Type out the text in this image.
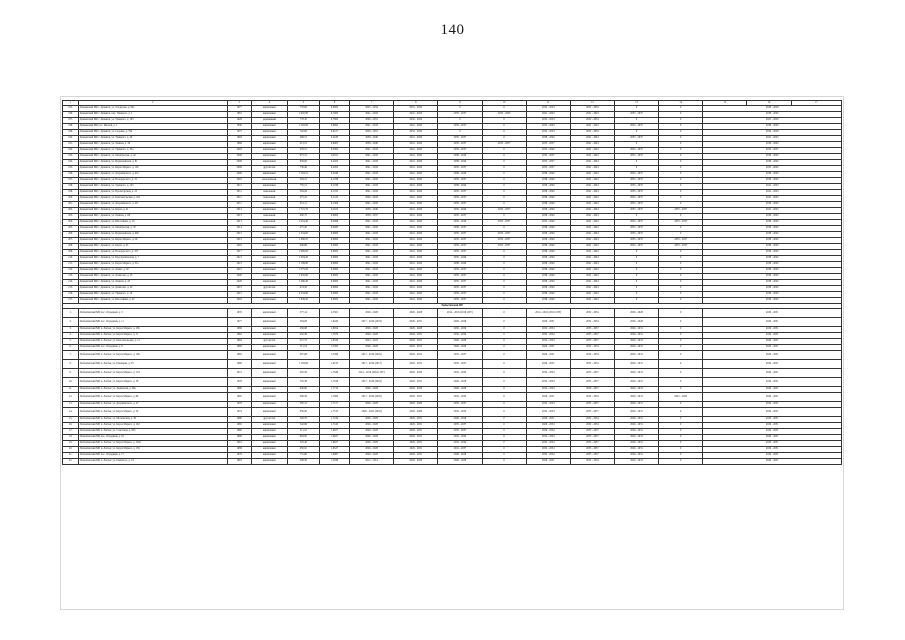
140
1	2	3	4	5	6	7	8	9	10	11	12	13	14	15	16	17
185.	Демьянский МР, г. Демянск, ул. Усадьбова, д. 66а	1977	кирпичный	776,00	0,9000	2025 - 2034	2031 - 2034	0	0	2032 - 2034	2032 - 2034	0	0	2028 - 2028		
186.	Демьянский МР, г. Демянск, пер. Урицкого, д. 1	1981	кирпичный	1 907,00	0,7000	2041 - 2043	2041 - 2043	2035 - 2037	2035 - 2043	2041 - 2043	2041 - 2043	2035 - 2037	0	2038 - 2040		
187.	Демьянский МР, г. Демянск, ул. Урицкого, д. 165	1928	деревянный	778,10	0,7800	2029 - 2031	2032 - 2034	0	0	2032 - 2034	2032 - 2034	0	0	2025 - 2028		
188.	Демьянский МР, пос. Ямской, д. 1	1930	кирпичный	1 293,09	0,9694	2041 - 2043	2041 - 2043	2035 - 2037	0	2035 - 2043	2041 - 2043	2035 - 2037	0	2038 - 2040		
189.	Демьянский МР, г. Демянск, ул. Садовая, д. 79в	1975	кирпичный	742,00	0,9417	2029 - 2031	2032 - 2034	0	0	2032 - 2034	2032 - 2034	0	0	2026 - 2028		
190.	Демьянский МР, г. Демянск, ул. Урицкого, д. 29	1994	кирпичный	496,51	0,4180	2038 - 2040	2041 - 2043	2035 - 2037	0	2038 - 2040	2041 - 2043	2035 - 2037	0	2041 - 2043		
191.	Демьянский МР, г. Демянск, ул. Ленина, д. 36	1968	кирпичный	413,51	0,6467	2038 - 2040	2041 - 2043	2035 - 2037	2035 - 2037	2035 - 2037	2041 - 2043	0	0	2038 - 2040		
192.	Демьянский МР, г. Демянск, ул. Урицкого, д. 35а	2003	кирпичный	478,51	0,3362	2041 - 2043	2041 - 2043	2035 - 2037	0	2035 - 2040	2041 - 2043	2035 - 2037	0	2035 - 2037		
193.	Демьянский МР, г. Демянск, ул. Октябрьская, д. 42	2008	кирпичный	975,51	0,2811	2041 - 2043	2041 - 2043	2038 - 2040	0	2035 - 2037	2041 - 2043	2035 - 2037	0	2038 - 2040		
194.	Демьянский МР, г. Демянск, ул. Первомайская, д. 61	2009	кирпичный	658,00	0,2202	2041 - 2043	2041 - 2043	2038 - 2040	0	2035 - 2037	2041 - 2043	0	0	2038 - 2040		
195.	Демьянский МР, г. Демянск, ул. Карла Маркса, д. 10б	2009	другой тип	756,40	0,2202	2041 - 2043	2041 - 2043	2035 - 2037	0	2035 - 2037	2041 - 2043	0	0	2035 - 2040		
196.	Демьянский МР, г. Демянск, ул. Дзержинского, д. 41а	2009	кирпичный	1 543,21	0,2048	2041 - 2043	2041 - 2043	2038 - 2040	0	2038 - 2040	2041 - 2043	2035 - 2037	0	2038 - 2040		
197.	Демьянский МР, г. Демянск, ул. Володарского, д. 15	2010	монолитный	504,21	0,1038	2041 - 2043	2041 - 2043	2035 - 2037	0	2038 - 2040	2041 - 2043	2035 - 2037	0	2038 - 2040		
198.	Демьянский МР, г. Демянск, ул. Урицкого, д. 125	2011	кирпичный	735,51	0,1036	2041 - 2043	2041 - 2043	2038 - 2040	0	2038 - 2040	2041 - 2043	2035 - 2037	0	2041 - 2043		
199.	Демьянский МР, г. Демянск, ул. Пролетарская, д. 25	2011	панельный	594,29	0,1331	2041 - 2043	2041 - 2043	2035 - 2037	0	2038 - 2040	2041 - 2043	2035 - 2037	0	2041 - 2043		
200.	Демьянский МР, г. Демянск, ул. Комсомольская, д. 45а	2011	панельный	475,41	0,1313	2040 - 2043	2041 - 2043	2035 - 2037	0	2038 - 2040	2041 - 2043	2035 - 2037	0	2041 - 2043		
201.	Демьянский МР, г. Демянск, ул. Дзержинского, д. 48	2011	кирпичный	431,11	0,1306	2041 - 2043	2041 - 2043	2035 - 2037	0	2038 - 2040	2041 - 2043	2035 - 2037	0	2038 - 2040		
202.	Демьянский МР, г. Демянск, ул. Карла, д. 41	2012	кирпичный	1 721,70	0,1163	2039 - 2040	2041 - 2043	2035 - 2040	2035 - 2037	2038 - 2040	2041 - 2043	2035 - 2037	2035 - 2037	2041 - 2043		
203.	Демьянский МР, г. Демянск, ул. Ленина, д. 68	2013	панельный	400,75	0,0962	2038 - 2037	2041 - 2043	2035 - 2037	0	2038 - 2040	2041 - 2043	0	0	2038 - 2040		
204.	Демьянский МР, г. Демянск, ул. Шоссейная, д. 16	2013	панельный	1 054,40	0,0498	2041 - 2043	2041 - 2043	2035 - 2040	2035 - 2037	2035 - 2040	2041 - 2043	2035 - 2037	2035 - 2037	2038 - 2040		
205.	Демьянский МР, г. Демянск, ул. Октябрьская, д. 35	2014	кирпичный	475,20	0,0483	2041 - 2043	2041 - 2043	2038 - 2037	0	2038 - 2040	2041 - 2043	2035 - 2037	0	2038 - 2040		
206.	Демьянский МР, г. Демянск, ул. Первомайская, д. 46б	2015	кирпичный	1 334,00	0,0000	2041 - 2043	2041 - 2043	2035 - 2037	2035 - 2037	2038 - 2040	2041 - 2043	2035 - 2037	0	2038 - 2040		
207.	Демьянский МР, г. Демянск, ул. Карла Маркса, д. 29	2015	кирпичный	1 090,05	0,0000	2041 - 2043	2041 - 2043	2035 - 2037	2035 - 2037	2038 - 2040	2041 - 2043	2035 - 2037	2035 - 2037	2038 - 2040		
208.	Демьянский МР, г. Демянск, ул. Карла, д. 45	2016	кирпичный	946,89	0,0000	2041 - 2043	2041 - 2043	2035 - 2037	2035 - 2037	2038 - 2040	2041 - 2043	2035 - 2037	2035 - 2037	2038 - 2040		
209.	Демьянский МР, г. Демянск, ул. Володарского, д. 107	2017	кирпичный	1 985,00	0,0000	2041 - 2043	2041 - 2043	2035 - 2037	0	2038 - 2040	2041 - 2043	0	0	2038 - 2040		
210.	Демьянский МР, г. Демянск, ул. Преображенская, д. 7	2021	кирпичный	1 004,20	0,0000	2041 - 2043	2041 - 2043	2035 - 2040	0	2038 - 2040	2041 - 2043	0	0	2038 - 2040		
211.	Демьянский МР, г. Демянск, ул. Карла Маркса, д. 31а	2021	кирпичный	1 199,60	0,0000	2041 - 2043	2041 - 2043	2038 - 2040	0	2038 - 2040	2041 - 2043	0	0	2038 - 2040		
212.	Демьянский МР, г. Демянск, ул. Денис, д. 50	2021	кирпичный	1 075,00	0,0000	2041 - 2043	2041 - 2043	2035 - 2037	0	2038 - 2040	2041 - 2043	0	0	2038 - 2040		
213.	Демьянский МР, г. Демянск, ул. Денисова, д. 13	2020	кирпичный	1 635,90	0,0000	2041 - 2043	2041 - 2043	2035 - 2037	0	2038 - 2040	2041 - 2043	0	0	2038 - 2040		
214.	Демьянский МР, г. Демянск, ул. Ленина, д. 43	2020	кирпичный	1 406,40	0,0000	2041 - 2043	2041 - 2043	2035 - 2037	0	2038 - 2040	2041 - 2043	0	0	2038 - 2040		
215.	Демьянский МР, г. Демянск, ул. Денисова, д. 20	2015	другой тип	474,50	0,0000	2041 - 2043	2041 - 2043	2035 - 2037	0	2038 - 2040	2041 - 2043	0	0	2038 - 2040		
216.	Демьянский МР, г. Демянск, ул. Урицкого, д. 19	2015	кирпичный	4 234,90	0,0000	2041 - 2043	2041 - 2043	2035 - 2037	0	2038 - 2040	2041 - 2043	0	0	2038 - 2040		
217.	Демьянский МР, г. Демянск, ул. Шоссейная, д. 42	2016	кирпичный	1 849,50	0,0000	2041 - 2043	2041 - 2043	2035 - 2037	0	2038 - 2040	2041 - 2043	0	0	2038 - 2040		
Любытинский МР																
1.	Любытинский МР, пос. Отрадный, д. 3	1976	кирпичный	377,14	2,3501	2026 - 2028	2026 - 2028	2014 - 2016 (2016 г.ПУ)	0	2014 - 2016 (2016 г.ПУ)	2032 - 2034	2026 - 2028	0	2029 - 2031		
2.	Любытинский МР, пос. Отрадный, д. 11	1977	кирпичный	584,08	1,9420	2017 - 2019 (2019)	2029 - 2031	2026 - 2028	0	2029 - 2031	2032 - 2034	2026 - 2028	0	2029 - 2031		
3.	Любытинский МР, п. Любыт, ул. Карла Маркса, д. 18б	1969	кирпичный	436,98	1,8054	2026 - 2028	2026 - 2028	2032 - 2034	0	2032 - 2034	2035 - 2037	2029 - 2031	0	2029 - 2031		
4.	Любытинский МР, п. Любыт, ул. Карла Маркса, д. 71	1962	кирпичный	402,38	1,7679	2026 - 2028	2029 - 2031	2032 - 2034	0	2032 - 2034	2035 - 2037	2029 - 2031	0	2029 - 2031		
5.	Любытинский МР, п. Любыт, ул. Комсомольская, д. 12	1964	другой тип	515,75	1,6529	2023 - 2025	2029 - 2031	2026 - 2028	0	2032 - 2034	2035 - 2037	2029 - 2031	0	2029 - 2031		
6.	Любытинский МР, пос. Отрадный, д. 8	1969	кирпичный	511,19	1,5395	2026 - 2028	2029 - 2031	2026 - 2028	0	2029 - 2031	2032 - 2034	2029 - 2031	0	2029 - 2031		
7.	Любытинский МР, п. Любыт, ул. Карла Маркса, д. 106	1965	кирпичный	397,68	1,5396	2017 - 2019 (2019)	2029 - 2031	2035 - 2037	0	2029 - 2031	2032 - 2034	2029 - 2031	0	2029 - 2031		
8.	Любытинский МР, п. Любыт, ул. Радищева, д. 25	1969	кирпичный	1 193,66	1,9215	2017 - 2019 (2017)	2029 - 2031	2035 - 2037	0	2029 - 2031	2032 - 2034	2029 - 2031	0	2029 - 2031		
9.	Любытинский МР, п. Любыт, ул. Карла Маркса, д. 154	1972	кирпичный	502,50	1,7646	2014 - 2016 (2016 г.ПУ)	2026 - 2028	2032 - 2034	0	2032 - 2034	2035 - 2037	2029 - 2031	0	2029 - 2031		
10.	Любытинский МР, п. Любыт, ул. Карла Маркса, д. 58	1978	кирпичный	745,38	1,7816	2017 - 2019 (2019)	2029 - 2031	2026 - 2028	0	2032 - 2034	2035 - 2037	2029 - 2031	0	2029 - 2031		
11.	Любытинский МР, п. Любыт, ул. Ленинская, д. 66а	1990	кирпичный	640,60	1,7712	2026 - 2028	2026 - 2028	2026 - 2028	0	2032 - 2034	2029 - 2037	2029 - 2031	0	2029 - 2031		
12.	Любытинский МР, п. Любыт, ул. Карла Маркса, д. 66	1985	кирпичный	366,59	1,7909	2017 - 2019 (2019)	2029 - 2031	2032 - 2034	0	2029 - 2031	2032 - 2034	2029 - 2031	2041 - 2043	2029 - 2031		
13.	Любытинский МР, п. Любыт, ул. Дзержинского, д. 47	1976	кирпичный	585,15	1,7117	2026 - 2028	2026 - 2028	2035 - 2037	0	2032 - 2034	2035 - 2037	2029 - 2031	0	2029 - 2031		
14.	Любытинский МР, п. Любыт, ул. Карла Маркса, д. 54	1974	кирпичный	856,20	1,7515	2020 - 2022 (2022)	2026 - 2028	2032 - 2034	0	2032 - 2034	2035 - 2037	2029 - 2031	0	2029 - 2031		
15.	Любытинский МР, п. Любыт, ул. Московская, д. 39	1980	другой тип	526,70	1,7419	2026 - 2028	2029 - 2031	2026 - 2028	0	2029 - 2031	2032 - 2034	2029 - 2031	0	2029 - 2031		
16.	Любытинский МР, п. Любыт, ул. Карла Маркса, д. 162	1965	кирпичный	542,96	1,7410	2026 - 2028	2029 - 2031	2035 - 2037	0	2029 - 2034	2032 - 2034	2029 - 2031	0	2029 - 2031		
17.	Любытинский МР, п. Любыт, ул. Советская, д. 63б	1960	кирпичный	511,10	1,6927	2026 - 2028	2029 - 2031	2035 - 2037	0	2029 - 2034	2035 - 2037	2029 - 2031	0	2029 - 2031		
18.	Любытинский МР, пос. Отрадный, д. 10	1989	кирпичный	684,85	1,6927	2026 - 2028	2029 - 2031	2032 - 2034	0	2032 - 2034	2035 - 2037	2029 - 2031	0	2029 - 2031		
19.	Любытинский МР, п. Любыт, ул. Карла Маркса, д. 102а	1991	кирпичный	325,40	1,6927	2026 - 2028	2029 - 2031	2032 - 2034	0	2032 - 2034	2035 - 2037	2029 - 2031	0	2029 - 2031		
20.	Любытинский МР, п. Любыт, ул. Карла Маркса, д. 139	1989	кирпичный	450,91	1,6527	2026 - 2028	2029 - 2031	2041 - 2037	0	2032 - 2034	2035 - 2037	2029 - 2031	0	2029 - 2031		
21.	Любытинский МР, пос. Отрадный, д. 17	1976	кирпичный	731,80	1,6087	2026 - 2028	2029 - 2031	2026 - 2028	0	2032 - 2034	2035 - 2037	2029 - 2031	0	2029 - 2031		
22.	Любытинский МР, п. Любыт, ул. Раевского, д. 23	1963	кирпичный	398,30	1,5948	2012 - 2014	2026 - 2028	2026 - 2028	0	2029 - 2031	2032 - 2034	2029 - 2031	0	2029 - 2031		
